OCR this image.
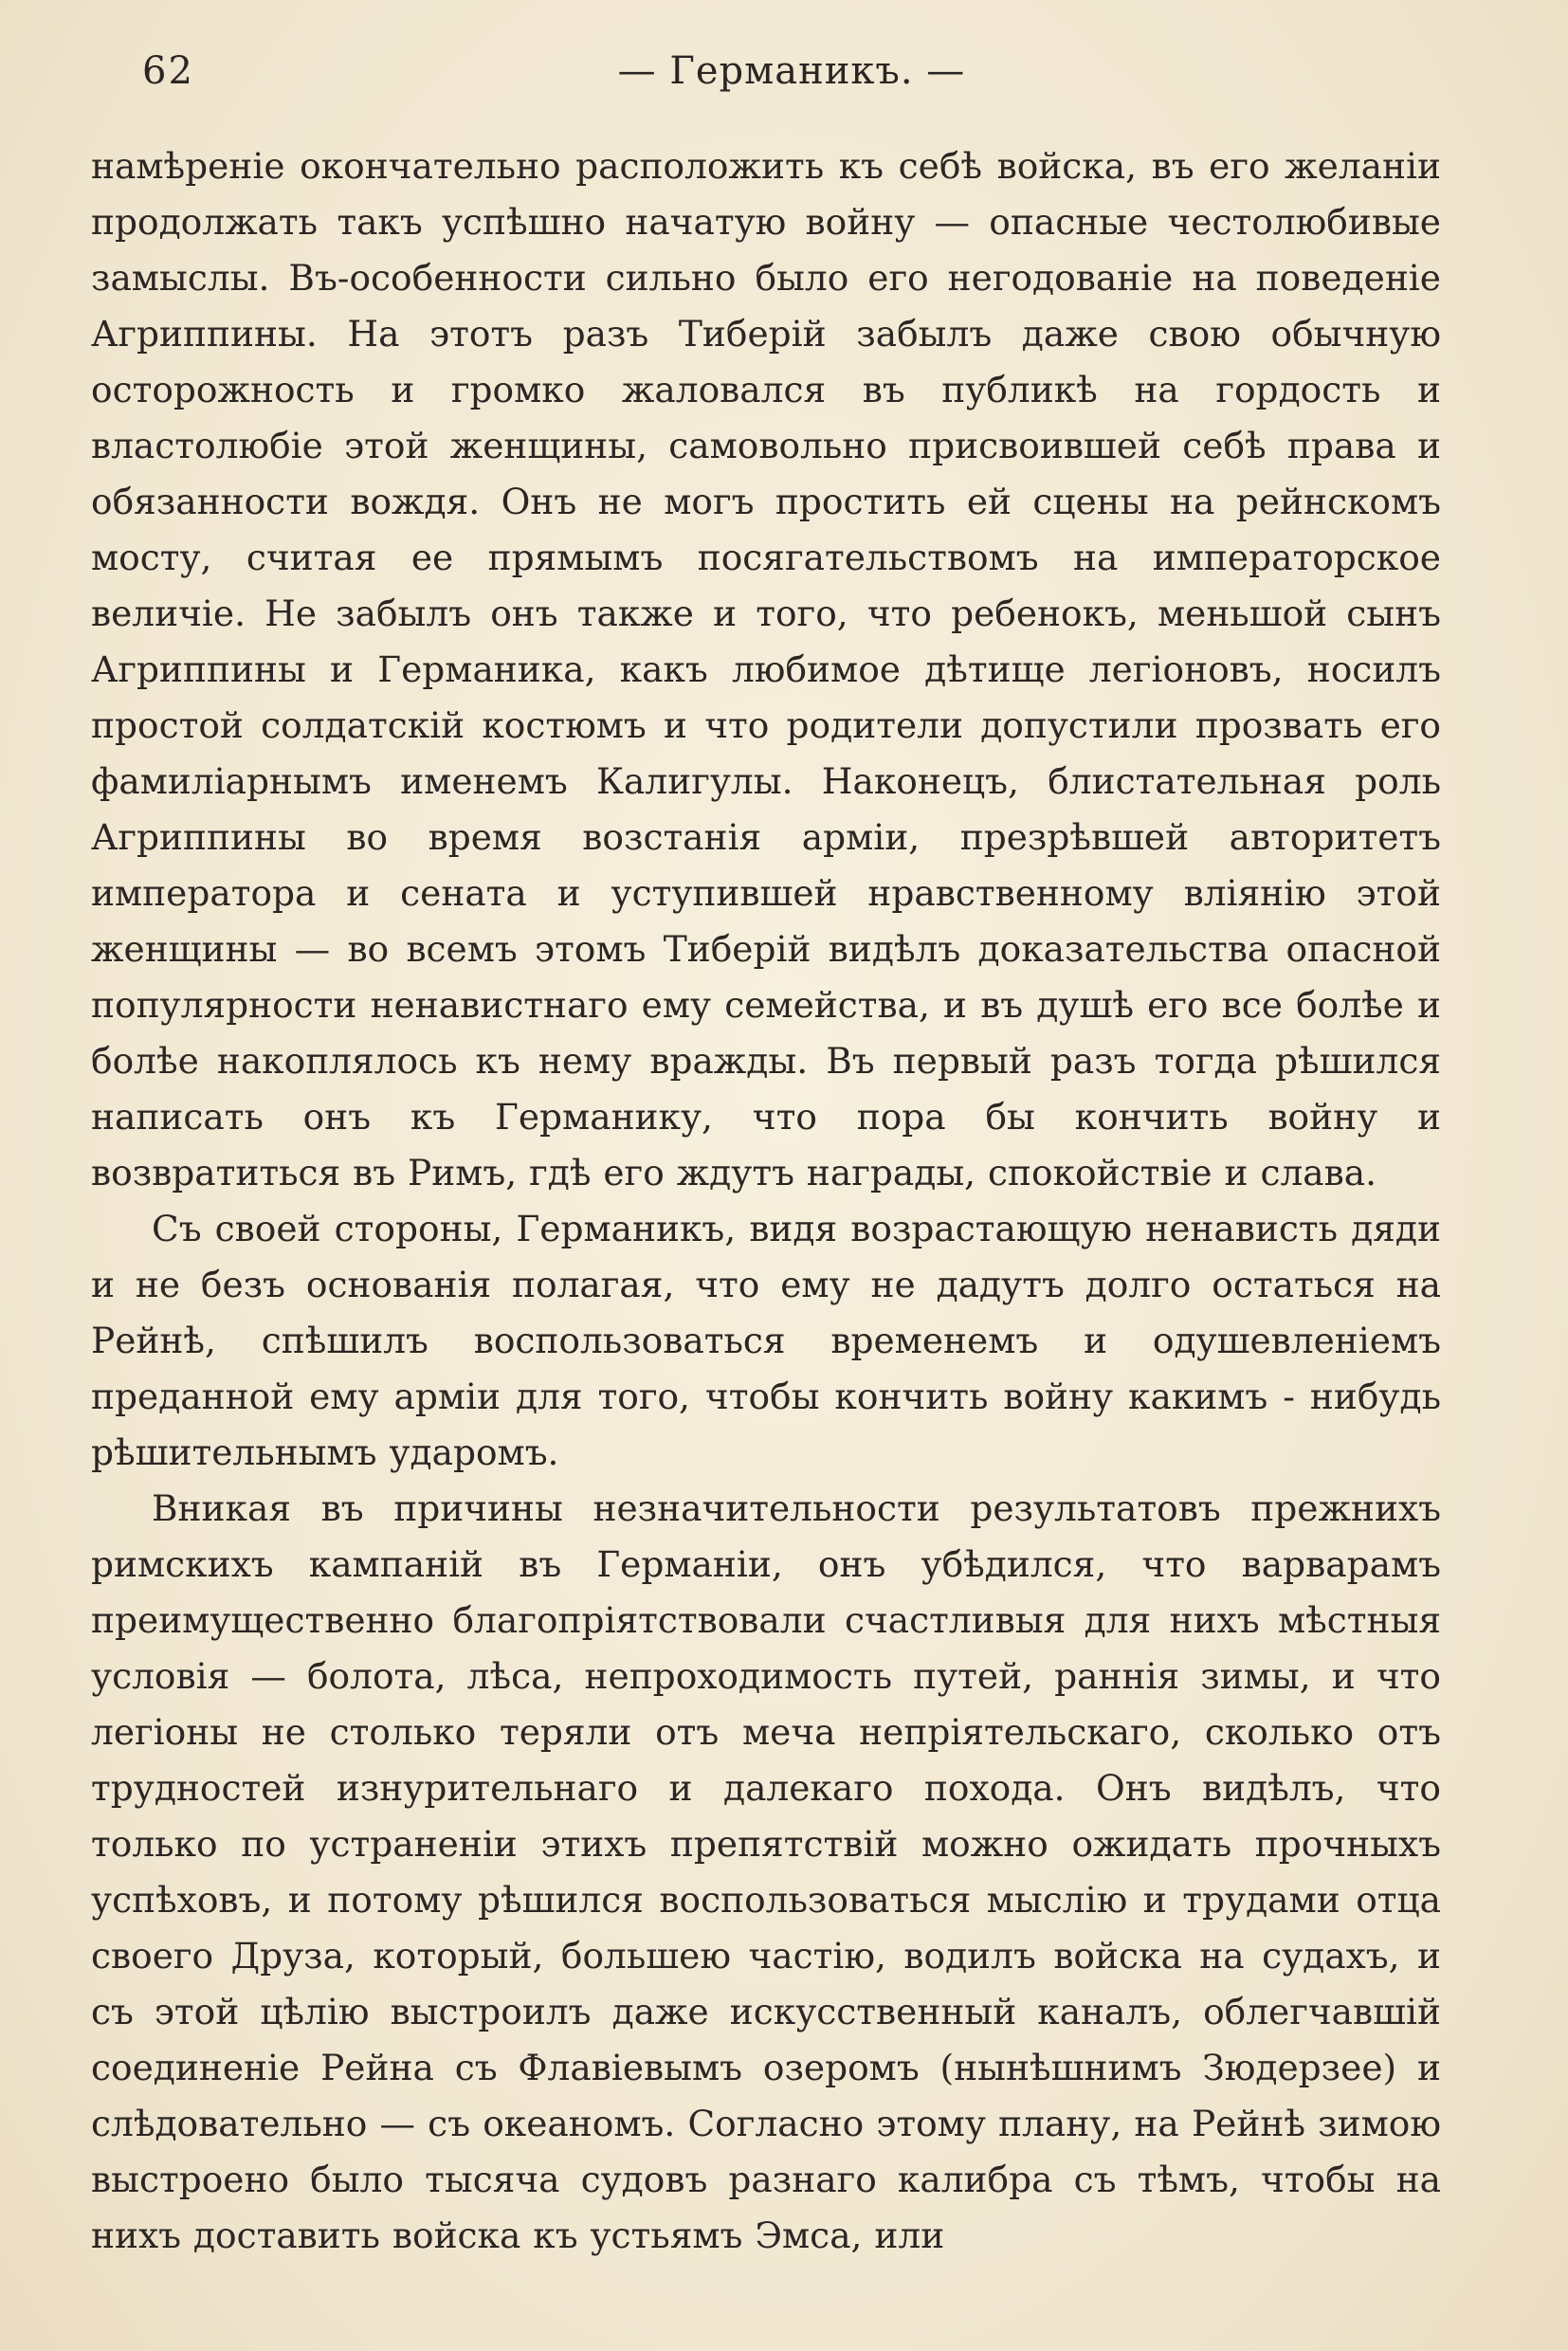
62	— Германикъ. —

намѣреніе окончательно расположить къ себѣ войска, въ его желаніи продолжать такъ успѣшно начатую войну — опасные честолюбивые замыслы. Въ-особенности сильно было его негодованіе на поведеніе Агриппины. На этотъ разъ Тиберій забылъ даже свою обычную осторожность и громко жаловался въ публикѣ на гордость и властолюбіе этой женщины, самовольно присвоившей себѣ права и обязанности вождя. Онъ не могъ простить ей сцены на рейнскомъ мосту, считая ее прямымъ посягательствомъ на императорское величіе. Не забылъ онъ также и того, что ребенокъ, меньшой сынъ Агриппины и Германика, какъ любимое дѣтище легіоновъ, носилъ простой солдатскій костюмъ и что родители допустили прозвать его фамиліарнымъ именемъ Калигулы. Наконецъ, блистательная роль Агриппины во время возстанія арміи, презрѣвшей авторитетъ императора и сената и уступившей нравственному вліянію этой женщины — во всемъ этомъ Тиберій видѣлъ доказательства опасной популярности ненавистнаго ему семейства, и въ душѣ его все болѣе и болѣе накоплялось къ нему вражды. Въ первый разъ тогда рѣшился написать онъ къ Германику, что пора бы кончить войну и возвратиться въ Римъ, гдѣ его ждутъ награды, спокойствіе и слава.

Съ своей стороны, Германикъ, видя возрастающую ненависть дяди и не безъ основанія полагая, что ему не дадутъ долго остаться на Рейнѣ, спѣшилъ воспользоваться временемъ и одушевленіемъ преданной ему арміи для того, чтобы кончить войну какимъ - нибудь рѣшительнымъ ударомъ.

Вникая въ причины незначительности результатовъ прежнихъ римскихъ кампаній въ Германіи, онъ убѣдился, что варварамъ преимущественно благопріятствовали счастливыя для нихъ мѣстныя условія — болота, лѣса, непроходимость путей, раннія зимы, и что легіоны не столько теряли отъ меча непріятельскаго, сколько отъ трудностей изнурительнаго и далекаго похода. Онъ видѣлъ, что только по устраненіи этихъ препятствій можно ожидать прочныхъ успѣховъ, и потому рѣшился воспользоваться мыслію и трудами отца своего Друза, который, большею частію, водилъ войска на судахъ, и съ этой цѣлію выстроилъ даже искусственный каналъ, облегчавшій соединеніе Рейна съ Флавіевымъ озеромъ (нынѣшнимъ Зюдерзее) и слѣдовательно — съ океаномъ. Согласно этому плану, на Рейнѣ зимою выстроено было тысяча судовъ разнаго калибра съ тѣмъ, чтобы на нихъ доставить войска къ устьямъ Эмса, или
